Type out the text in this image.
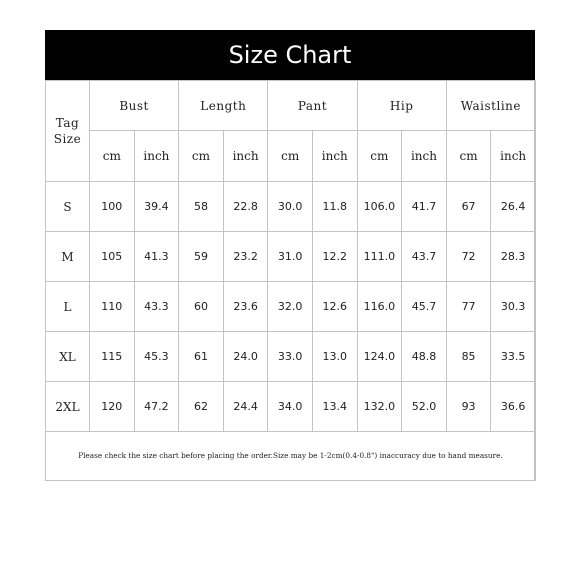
Size Chart
Tag
Size	Bust		Length		Pant		Hip		Waistline	
	cm	inch	cm	inch	cm	inch	cm	inch	cm	inch
S	100	39.4	58	22.8	30.0	11.8	106.0	41.7	67	26.4
M	105	41.3	59	23.2	31.0	12.2	111.0	43.7	72	28.3
L	110	43.3	60	23.6	32.0	12.6	116.0	45.7	77	30.3
XL	115	45.3	61	24.0	33.0	13.0	124.0	48.8	85	33.5
2XL	120	47.2	62	24.4	34.0	13.4	132.0	52.0	93	36.6
Please check the size chart before placing the order.Size may be 1-2cm(0.4-0.8") inaccuracy due to hand measure.										
